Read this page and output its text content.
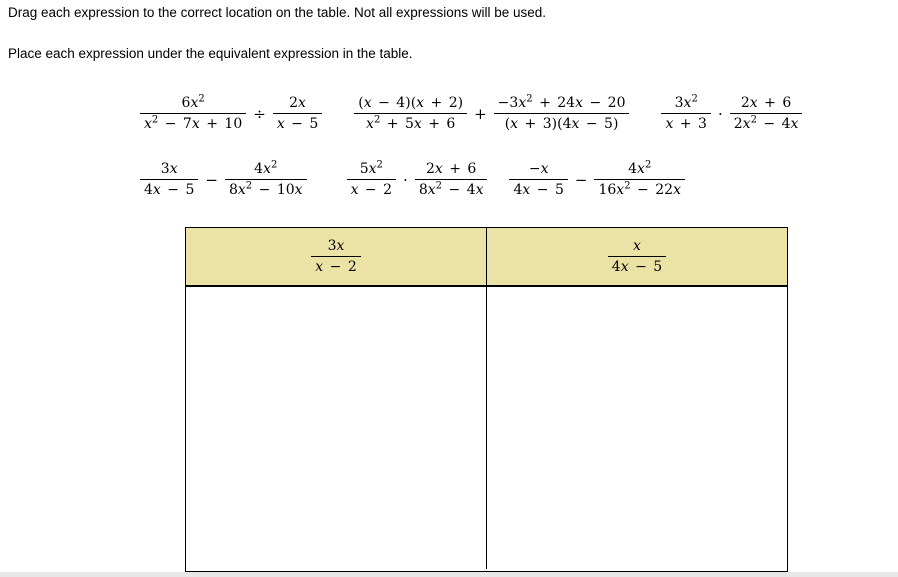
Drag each expression to the correct location on the table. Not all expressions will be used.

Place each expression under the equivalent expression in the table.

$\frac{6x^2}{x^2 - 7x + 10} \div \frac{2x}{x - 5} \frac{(x - 4)(x + 2)}{x^2 + 5x + 6} + \frac{-3x^2 + 24x - 20}{(x + 3)(4x - 5)} \frac{3x^2}{x + 3} \cdot \frac{2x + 6}{2x^2 - 4x}$
$\frac{3x}{4x - 5} - \frac{4x^2}{8x^2 - 10x}$	$\frac{5x^2}{x - 2} \cdot \frac{2x + 6}{8x^2 - 4x} \frac{-x}{4x - 5} - \frac{4x^2}{16x^2 - 22x}$
$\frac{3x}{x - 2}$	$\frac{x}{4x - 5}$
